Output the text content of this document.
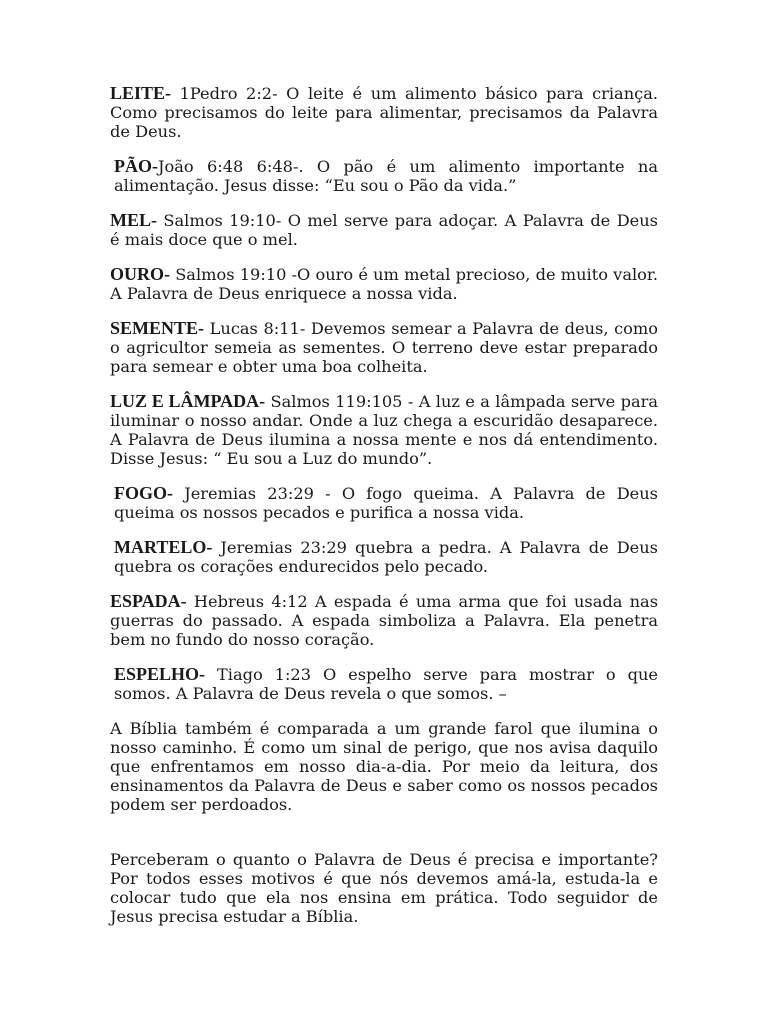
LEITE- 1Pedro 2:2- O leite é um alimento básico para criança. Como precisamos do leite para alimentar, precisamos da Palavra de Deus.

PÃO-João 6:48 6:48-. O pão é um alimento importante na alimentação. Jesus disse: “Eu sou o Pão da vida.”

MEL- Salmos 19:10- O mel serve para adoçar. A Palavra de Deus é mais doce que o mel.

OURO- Salmos 19:10 -O ouro é um metal precioso, de muito valor. A Palavra de Deus enriquece a nossa vida.

SEMENTE- Lucas 8:11- Devemos semear a Palavra de deus, como o agricultor semeia as sementes. O terreno deve estar preparado para semear e obter uma boa colheita.

LUZ E LÂMPADA- Salmos 119:105 - A luz e a lâmpada serve para iluminar o nosso andar. Onde a luz chega a escuridão desaparece. A Palavra de Deus ilumina a nossa mente e nos dá entendimento. Disse Jesus: “ Eu sou a Luz do mundo”.

FOGO- Jeremias 23:29 - O fogo queima. A Palavra de Deus queima os nossos pecados e purifica a nossa vida.

MARTELO- Jeremias 23:29 quebra a pedra. A Palavra de Deus quebra os corações endurecidos pelo pecado.

ESPADA- Hebreus 4:12 A espada é uma arma que foi usada nas guerras do passado. A espada simboliza a Palavra. Ela penetra bem no fundo do nosso coração.

ESPELHO- Tiago 1:23 O espelho serve para mostrar o que somos. A Palavra de Deus revela o que somos. –

A Bíblia também é comparada a um grande farol que ilumina o nosso caminho. É como um sinal de perigo, que nos avisa daquilo que enfrentamos em nosso dia-a-dia. Por meio da leitura, dos ensinamentos da Palavra de Deus e saber como os nossos pecados podem ser perdoados.

Perceberam o quanto o Palavra de Deus é precisa e importante? Por todos esses motivos é que nós devemos amá-la, estuda-la e colocar tudo que ela nos ensina em prática. Todo seguidor de Jesus precisa estudar a Bíblia.
